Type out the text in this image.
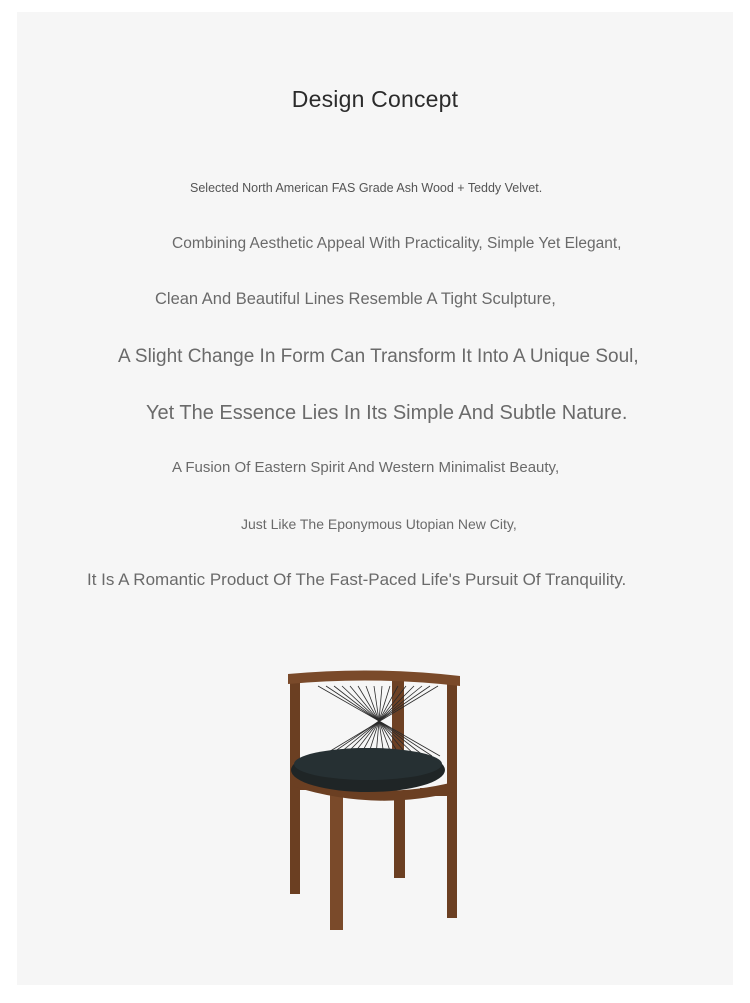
Design Concept
Selected North American FAS Grade Ash Wood + Teddy Velvet.
Combining Aesthetic Appeal With Practicality, Simple Yet Elegant,
Clean And Beautiful Lines Resemble A Tight Sculpture,
A Slight Change In Form Can Transform It Into A Unique Soul,
Yet The Essence Lies In Its Simple And Subtle Nature.
A Fusion Of Eastern Spirit And Western Minimalist Beauty,
Just Like The Eponymous Utopian New City,
It Is A Romantic Product Of The Fast-Paced Life's Pursuit Of Tranquility.
